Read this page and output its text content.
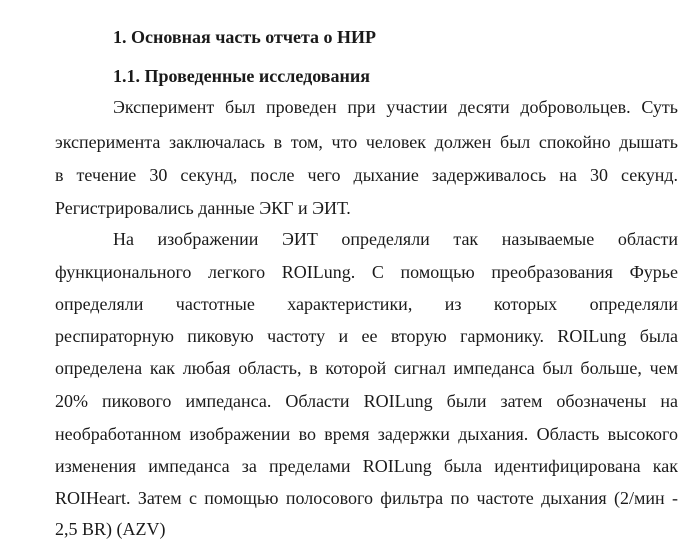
1. Основная часть отчета о НИР
1.1. Проведенные исследования
Эксперимент был проведен при участии десяти добровольцев. Суть
эксперимента заключалась в том, что человек должен был спокойно дышать
в течение 30 секунд, после чего дыхание задерживалось на 30 секунд.
Регистрировались данные ЭКГ и ЭИТ.
На изображении ЭИТ определяли так называемые области
функционального легкого ROILung. С помощью преобразования Фурье
определяли частотные характеристики, из которых определяли
респираторную пиковую частоту и ее вторую гармонику. ROILung была
определена как любая область, в которой сигнал импеданса был больше, чем
20% пикового импеданса. Области ROILung были затем обозначены на
необработанном изображении во время задержки дыхания. Область высокого
изменения импеданса за пределами ROILung была идентифицирована как
ROIHeart. Затем с помощью полосового фильтра по частоте дыхания (2/мин -
2,5 BR) (AZV)
